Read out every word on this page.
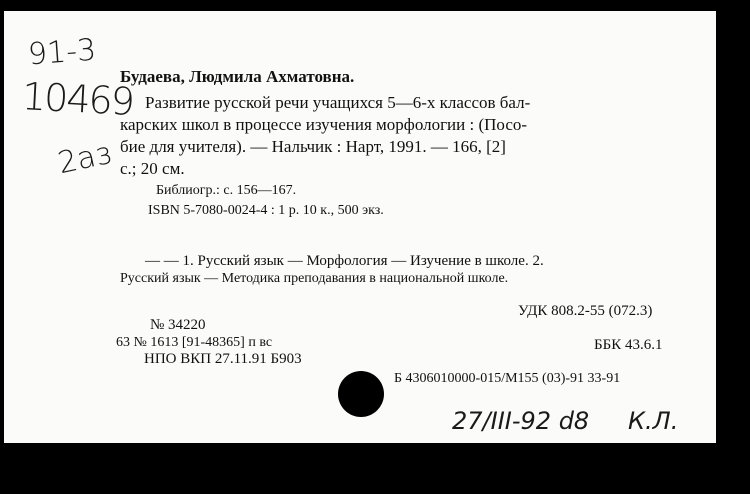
91-3
10469
2aз
27/III-92 d8 К.Л.
Будаева, Людмила Ахматовна.
Развитие русской речи учащихся 5—6-х классов бал-
карских школ в процессе изучения морфологии : (Посо-
бие для учителя). — Нальчик : Нарт, 1991. — 166, [2]
с.; 20 см.
Библиогр.: с. 156—167.
ISBN 5-7080-0024-4 : 1 р. 10 к., 500 экз.
— — 1. Русский язык — Морфология — Изучение в школе. 2.
Русский язык — Методика преподавания в национальной школе.
УДК 808.2-55 (072.3)
№ 34220
63 № 1613 [91-48365] п вс	ББК 43.6.1
НПО ВКП 27.11.91 Б903
Б 4306010000-015/М155 (03)-91 33-91
